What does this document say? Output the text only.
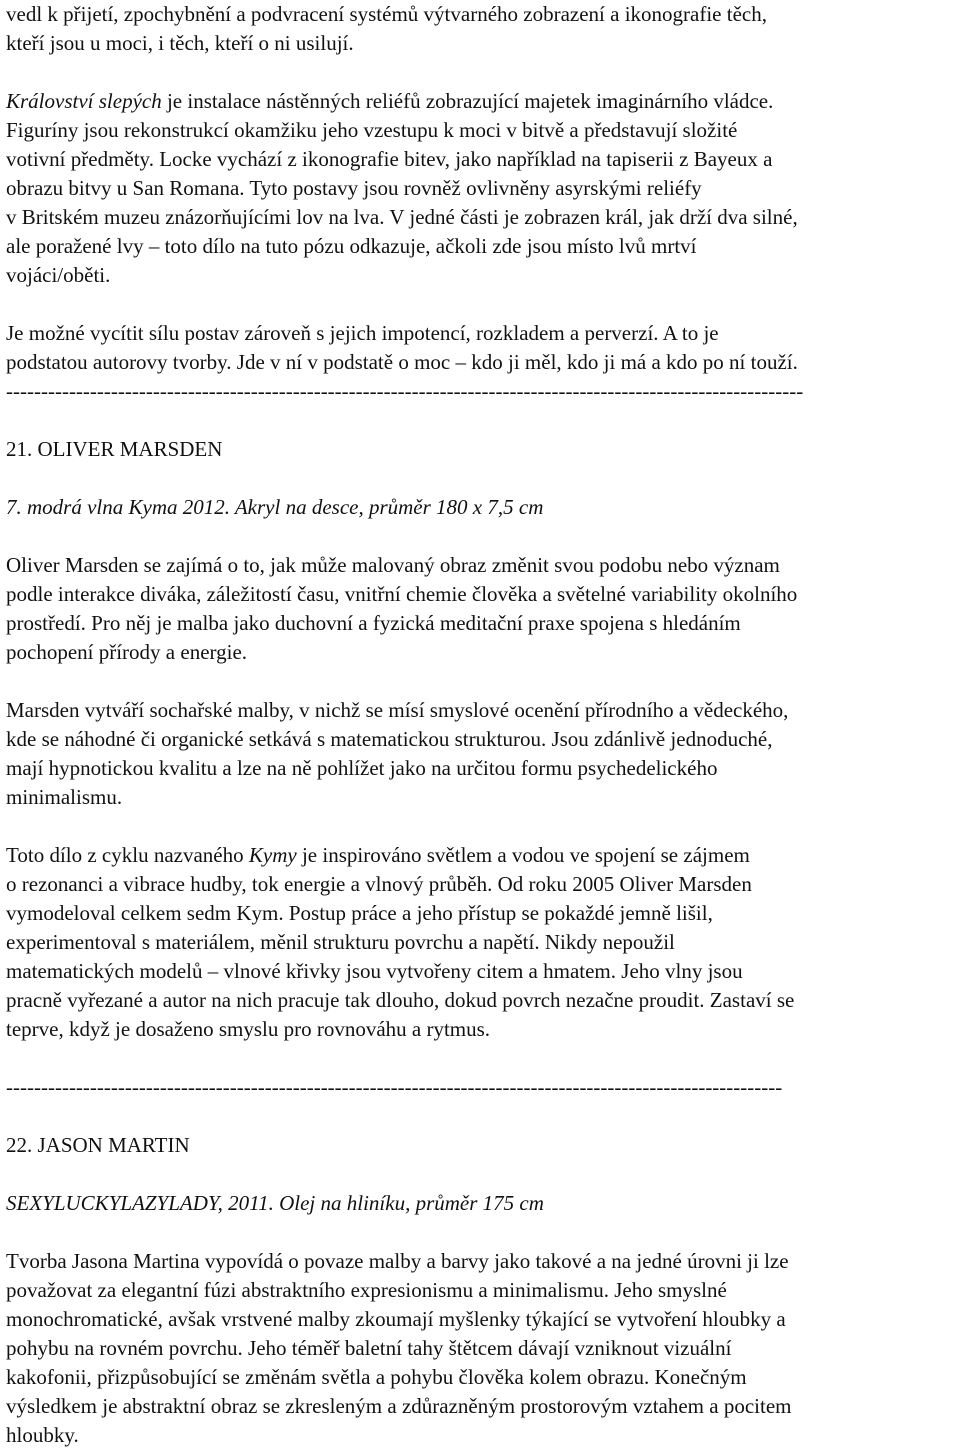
vedl k přijetí, zpochybnění a podvracení systémů výtvarného zobrazení a ikonografie těch,
kteří jsou u moci, i těch, kteří o ni usilují.

Království slepých je instalace nástěnných reliéfů zobrazující majetek imaginárního vládce.
Figuríny jsou rekonstrukcí okamžiku jeho vzestupu k moci v bitvě a představují složité
votivní předměty. Locke vychází z ikonografie bitev, jako například na tapiserii z Bayeux a
obrazu bitvy u San Romana. Tyto postavy jsou rovněž ovlivněny asyrskými reliéfy
v Britském muzeu znázorňujícími lov na lva. V jedné části je zobrazen král, jak drží dva silné,
ale poražené lvy – toto dílo na tuto pózu odkazuje, ačkoli zde jsou místo lvů mrtví
vojáci/oběti.

Je možné vycítit sílu postav zároveň s jejich impotencí, rozkladem a perverzí. A to je
podstatou autorovy tvorby. Jde v ní v podstatě o moc – kdo ji měl, kdo ji má a kdo po ní touží.

------------------------------------------------------------------------------------------------------------------

21. OLIVER MARSDEN

7. modrá vlna Kyma 2012. Akryl na desce, průměr 180 x 7,5 cm

Oliver Marsden se zajímá o to, jak může malovaný obraz změnit svou podobu nebo význam
podle interakce diváka, záležitostí času, vnitřní chemie člověka a světelné variability okolního
prostředí. Pro něj je malba jako duchovní a fyzická meditační praxe spojena s hledáním
pochopení přírody a energie.

Marsden vytváří sochařské malby, v nichž se mísí smyslové ocenění přírodního a vědeckého,
kde se náhodné či organické setkává s matematickou strukturou. Jsou zdánlivě jednoduché,
mají hypnotickou kvalitu a lze na ně pohlížet jako na určitou formu psychedelického
minimalismu.

Toto dílo z cyklu nazvaného Kymy je inspirováno světlem a vodou ve spojení se zájmem
o rezonanci a vibrace hudby, tok energie a vlnový průběh. Od roku 2005 Oliver Marsden
vymodeloval celkem sedm Kym. Postup práce a jeho přístup se pokaždé jemně lišil,
experimentoval s materiálem, měnil strukturu povrchu a napětí. Nikdy nepoužil
matematických modelů – vlnové křivky jsou vytvořeny citem a hmatem. Jeho vlny jsou
pracně vyřezané a autor na nich pracuje tak dlouho, dokud povrch nezačne proudit. Zastaví se
teprve, když je dosaženo smyslu pro rovnováhu a rytmus.

---------------------------------------------------------------------------------------------------------------

22. JASON MARTIN

SEXYLUCKYLAZYLADY, 2011. Olej na hliníku, průměr 175 cm

Tvorba Jasona Martina vypovídá o povaze malby a barvy jako takové a na jedné úrovni ji lze
považovat za elegantní fúzi abstraktního expresionismu a minimalismu. Jeho smyslné
monochromatické, avšak vrstvené malby zkoumají myšlenky týkající se vytvoření hloubky a
pohybu na rovném povrchu. Jeho téměř baletní tahy štětcem dávají vzniknout vizuální
kakofonii, přizpůsobující se změnám světla a pohybu člověka kolem obrazu. Konečným
výsledkem je abstraktní obraz se zkresleným a zdůrazněným prostorovým vztahem a pocitem
hloubky.
